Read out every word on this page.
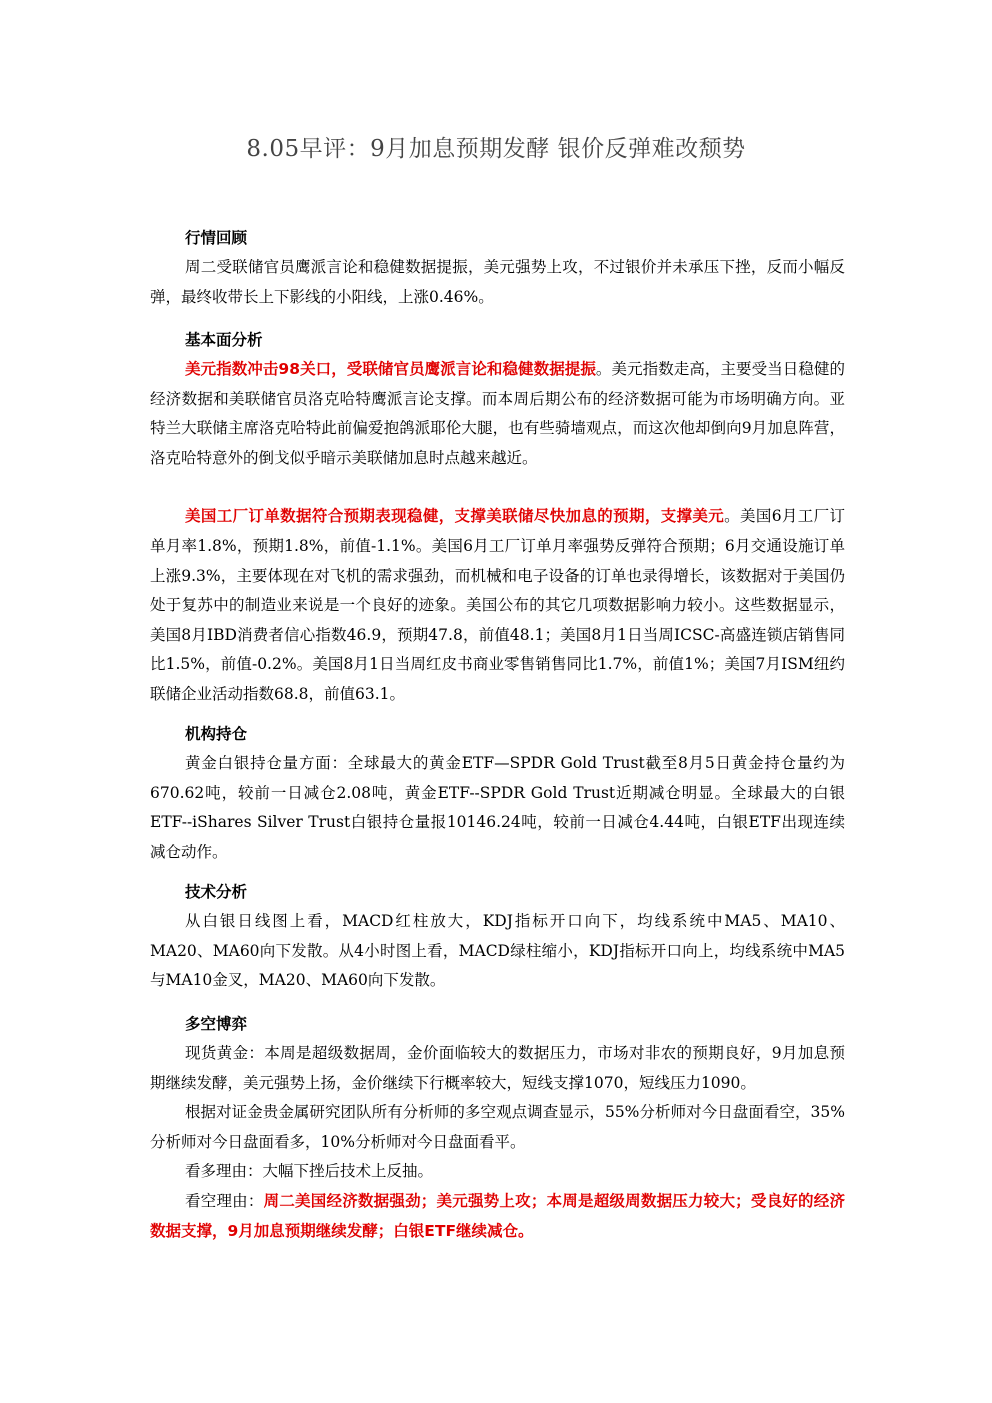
8.05早评：9月加息预期发酵 银价反弹难改颓势
行情回顾

周二受联储官员鹰派言论和稳健数据提振，美元强势上攻，不过银价并未承压下挫，反而小幅反弹，最终收带长上下影线的小阳线，上涨0.46%。

基本面分析

美元指数冲击98关口，受联储官员鹰派言论和稳健数据提振。美元指数走高，主要受当日稳健的经济数据和美联储官员洛克哈特鹰派言论支撑。而本周后期公布的经济数据可能为市场明确方向。亚特兰大联储主席洛克哈特此前偏爱抱鸽派耶伦大腿，也有些骑墙观点，而这次他却倒向9月加息阵营，洛克哈特意外的倒戈似乎暗示美联储加息时点越来越近。

美国工厂订单数据符合预期表现稳健，支撑美联储尽快加息的预期，支撑美元。美国6月工厂订单月率1.8%，预期1.8%，前值-1.1%。美国6月工厂订单月率强势反弹符合预期；6月交通设施订单上涨9.3%，主要体现在对飞机的需求强劲，而机械和电子设备的订单也录得增长，该数据对于美国仍处于复苏中的制造业来说是一个良好的迹象。美国公布的其它几项数据影响力较小。这些数据显示，美国8月IBD消费者信心指数46.9，预期47.8，前值48.1；美国8月1日当周ICSC-高盛连锁店销售同比1.5%，前值-0.2%。美国8月1日当周红皮书商业零售销售同比1.7%，前值1%；美国7月ISM纽约联储企业活动指数68.8，前值63.1。

机构持仓

黄金白银持仓量方面：全球最大的黄金ETF—SPDR Gold Trust截至8月5日黄金持仓量约为670.62吨，较前一日减仓2.08吨，黄金ETF--SPDR Gold Trust近期减仓明显。全球最大的白银ETF--iShares Silver Trust白银持仓量报10146.24吨，较前一日减仓4.44吨，白银ETF出现连续减仓动作。

技术分析

从白银日线图上看，MACD红柱放大，KDJ指标开口向下，均线系统中MA5、MA10、MA20、MA60向下发散。从4小时图上看，MACD绿柱缩小，KDJ指标开口向上，均线系统中MA5与MA10金叉，MA20、MA60向下发散。

多空博弈

现货黄金：本周是超级数据周，金价面临较大的数据压力，市场对非农的预期良好，9月加息预期继续发酵，美元强势上扬，金价继续下行概率较大，短线支撑1070，短线压力1090。

根据对证金贵金属研究团队所有分析师的多空观点调查显示，55%分析师对今日盘面看空，35%分析师对今日盘面看多，10%分析师对今日盘面看平。

看多理由：大幅下挫后技术上反抽。

看空理由：周二美国经济数据强劲；美元强势上攻；本周是超级周数据压力较大；受良好的经济数据支撑，9月加息预期继续发酵；白银ETF继续减仓。
